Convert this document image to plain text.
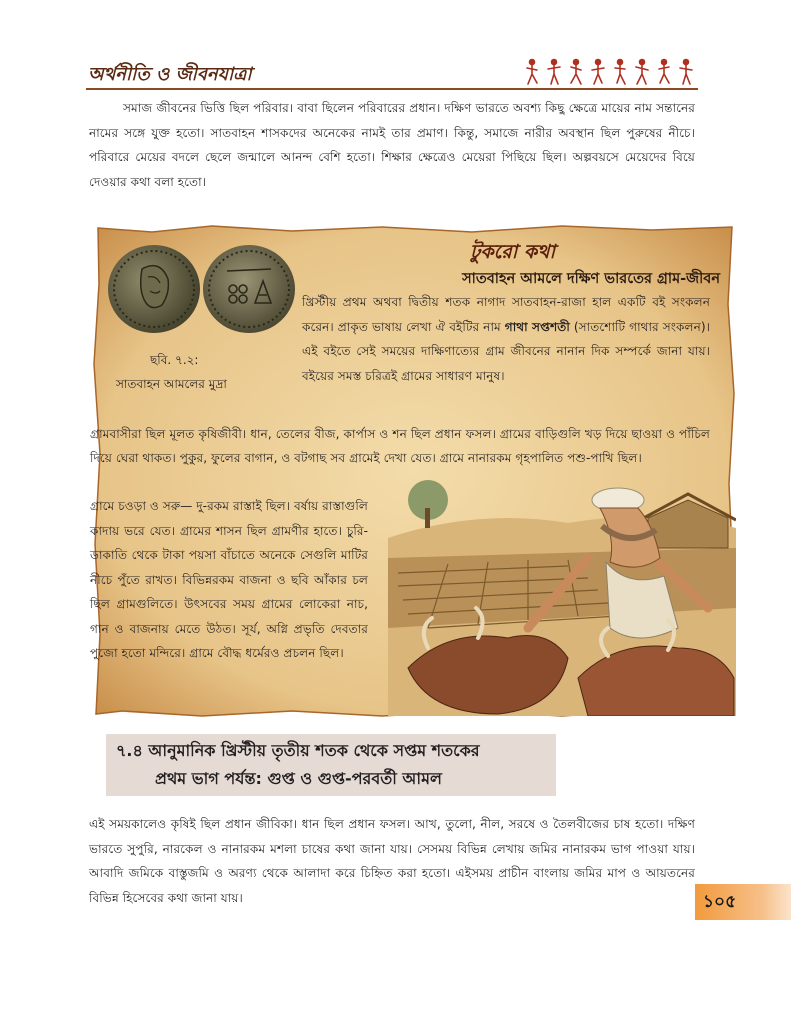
অর্থনীতি ও জীবনযাত্রা
সমাজ জীবনের ভিত্তি ছিল পরিবার। বাবা ছিলেন পরিবারের প্রধান। দক্ষিণ ভারতে অবশ্য কিছু ক্ষেত্রে মায়ের নাম সন্তানের নামের সঙ্গে যুক্ত হতো। সাতবাহন শাসকদের অনেকের নামই তার প্রমাণ। কিন্তু, সমাজে নারীর অবস্থান ছিল পুরুষের নীচে। পরিবারে মেয়ের বদলে ছেলে জন্মালে আনন্দ বেশি হতো। শিক্ষার ক্ষেত্রেও মেয়েরা পিছিয়ে ছিল। অল্পবয়সে মেয়েদের বিয়ে দেওয়ার কথা বলা হতো।
ছবি. ৭.২:
সাতবাহন আমলের মুদ্রা
টুকরো কথা
সাতবাহন আমলে দক্ষিণ ভারতের গ্রাম-জীবন
খ্রিস্টীয় প্রথম অথবা দ্বিতীয় শতক নাগাদ সাতবাহন-রাজা হাল একটি বই সংকলন করেন। প্রাকৃত ভাষায় লেখা ঐ বইটির নাম গাথা সপ্তশতী (সাতশোটি গাথার সংকলন)। এই বইতে সেই সময়ের দাক্ষিণাত্যের গ্রাম জীবনের নানান দিক সম্পর্কে জানা যায়। বইয়ের সমস্ত চরিত্রই গ্রামের সাধারণ মানুষ।
গ্রামবাসীরা ছিল মূলত কৃষিজীবী। ধান, তেলের বীজ, কার্পাস ও শন ছিল প্রধান ফসল। গ্রামের বাড়িগুলি খড় দিয়ে ছাওয়া ও পাঁচিল দিয়ে ঘেরা থাকত। পুকুর, ফুলের বাগান, ও বটগাছ সব গ্রামেই দেখা যেত। গ্রামে নানারকম গৃহপালিত পশু-পাখি ছিল।
গ্রামে চওড়া ও সরু— দু-রকম রাস্তাই ছিল। বর্ষায় রাস্তাগুলি কাদায় ভরে যেত। গ্রামের শাসন ছিল গ্রামণীর হাতে। চুরি-ডাকাতি থেকে টাকা পয়সা বাঁচাতে অনেকে সেগুলি মাটির নীচে পুঁতে রাখত। বিভিন্নরকম বাজনা ও ছবি আঁকার চল ছিল গ্রামগুলিতে। উৎসবের সময় গ্রামের লোকেরা নাচ, গান ও বাজনায় মেতে উঠত। সূর্য, অগ্নি প্রভৃতি দেবতার পুজো হতো মন্দিরে। গ্রামে বৌদ্ধ ধর্মেরও প্রচলন ছিল।
৭.৪ আনুমানিক খ্রিস্টীয় তৃতীয় শতক থেকে সপ্তম শতকের
প্রথম ভাগ পর্যন্ত: গুপ্ত ও গুপ্ত-পরবর্তী আমল
এই সময়কালেও কৃষিই ছিল প্রধান জীবিকা। ধান ছিল প্রধান ফসল। আখ, তুলো, নীল, সরষে ও তৈলবীজের চাষ হতো। দক্ষিণ ভারতে সুপুরি, নারকেল ও নানারকম মশলা চাষের কথা জানা যায়। সেসময় বিভিন্ন লেখায় জমির নানারকম ভাগ পাওয়া যায়। আবাদি জমিকে বাস্তুজমি ও অরণ্য থেকে আলাদা করে চিহ্নিত করা হতো। এইসময় প্রাচীন বাংলায় জমির মাপ ও আয়তনের বিভিন্ন হিসেবের কথা জানা যায়।	১০৫
